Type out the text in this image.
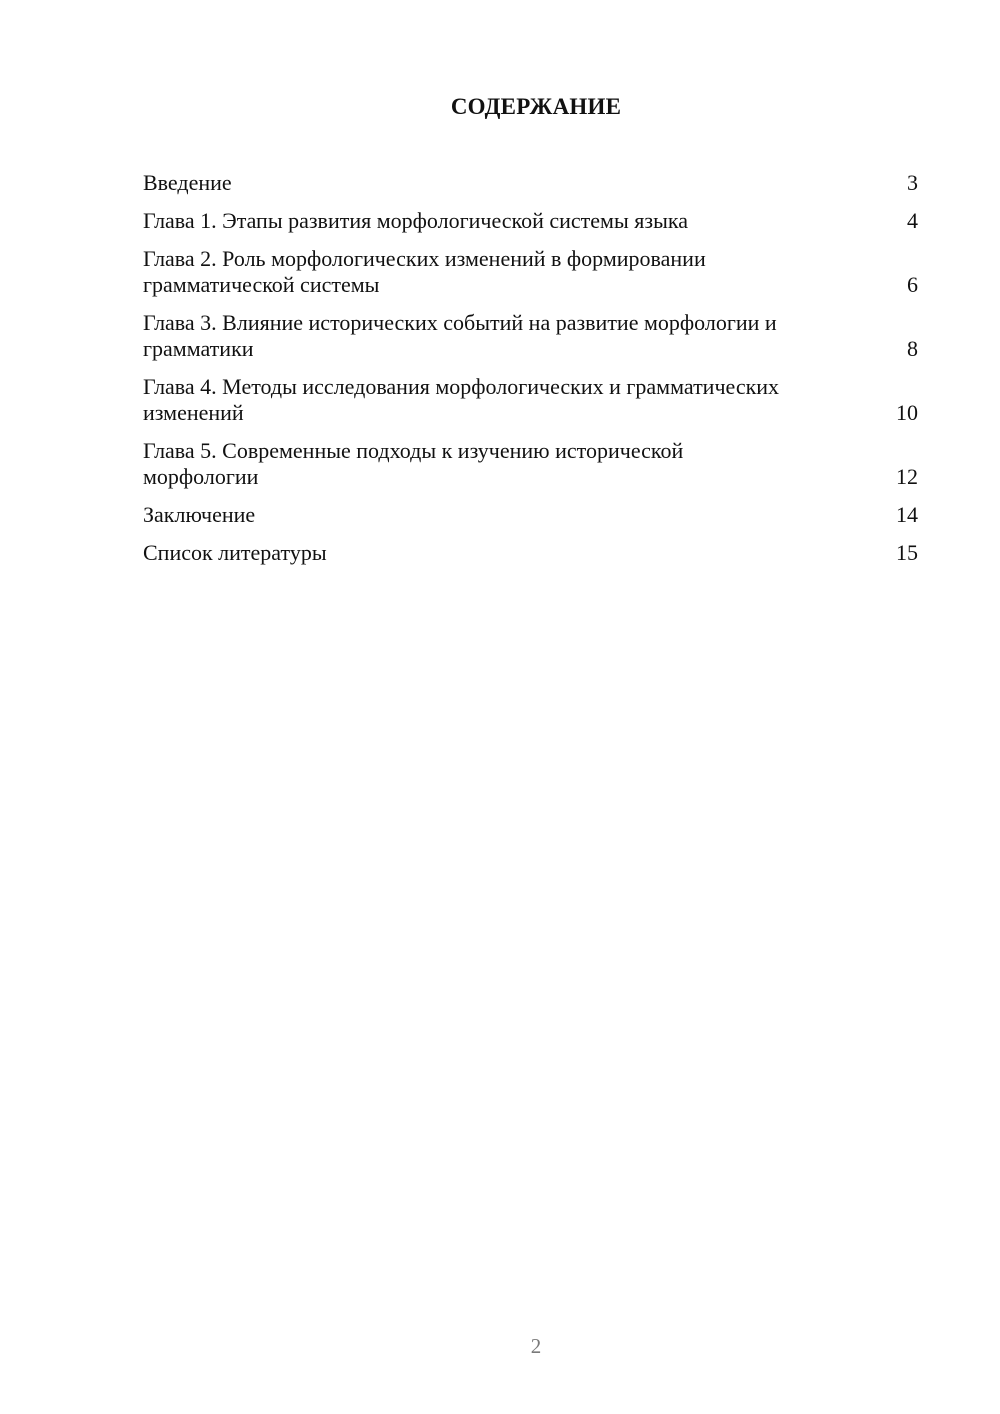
СОДЕРЖАНИЕ
Введение	3
Глава 1. Этапы развития морфологической системы языка	4
Глава 2. Роль морфологических изменений в формировании грамматической системы	6
Глава 3. Влияние исторических событий на развитие морфологии и грамматики	8
Глава 4. Методы исследования морфологических и грамматических изменений	10
Глава 5. Современные подходы к изучению исторической морфологии	12
Заключение	14
Список литературы	15

2
